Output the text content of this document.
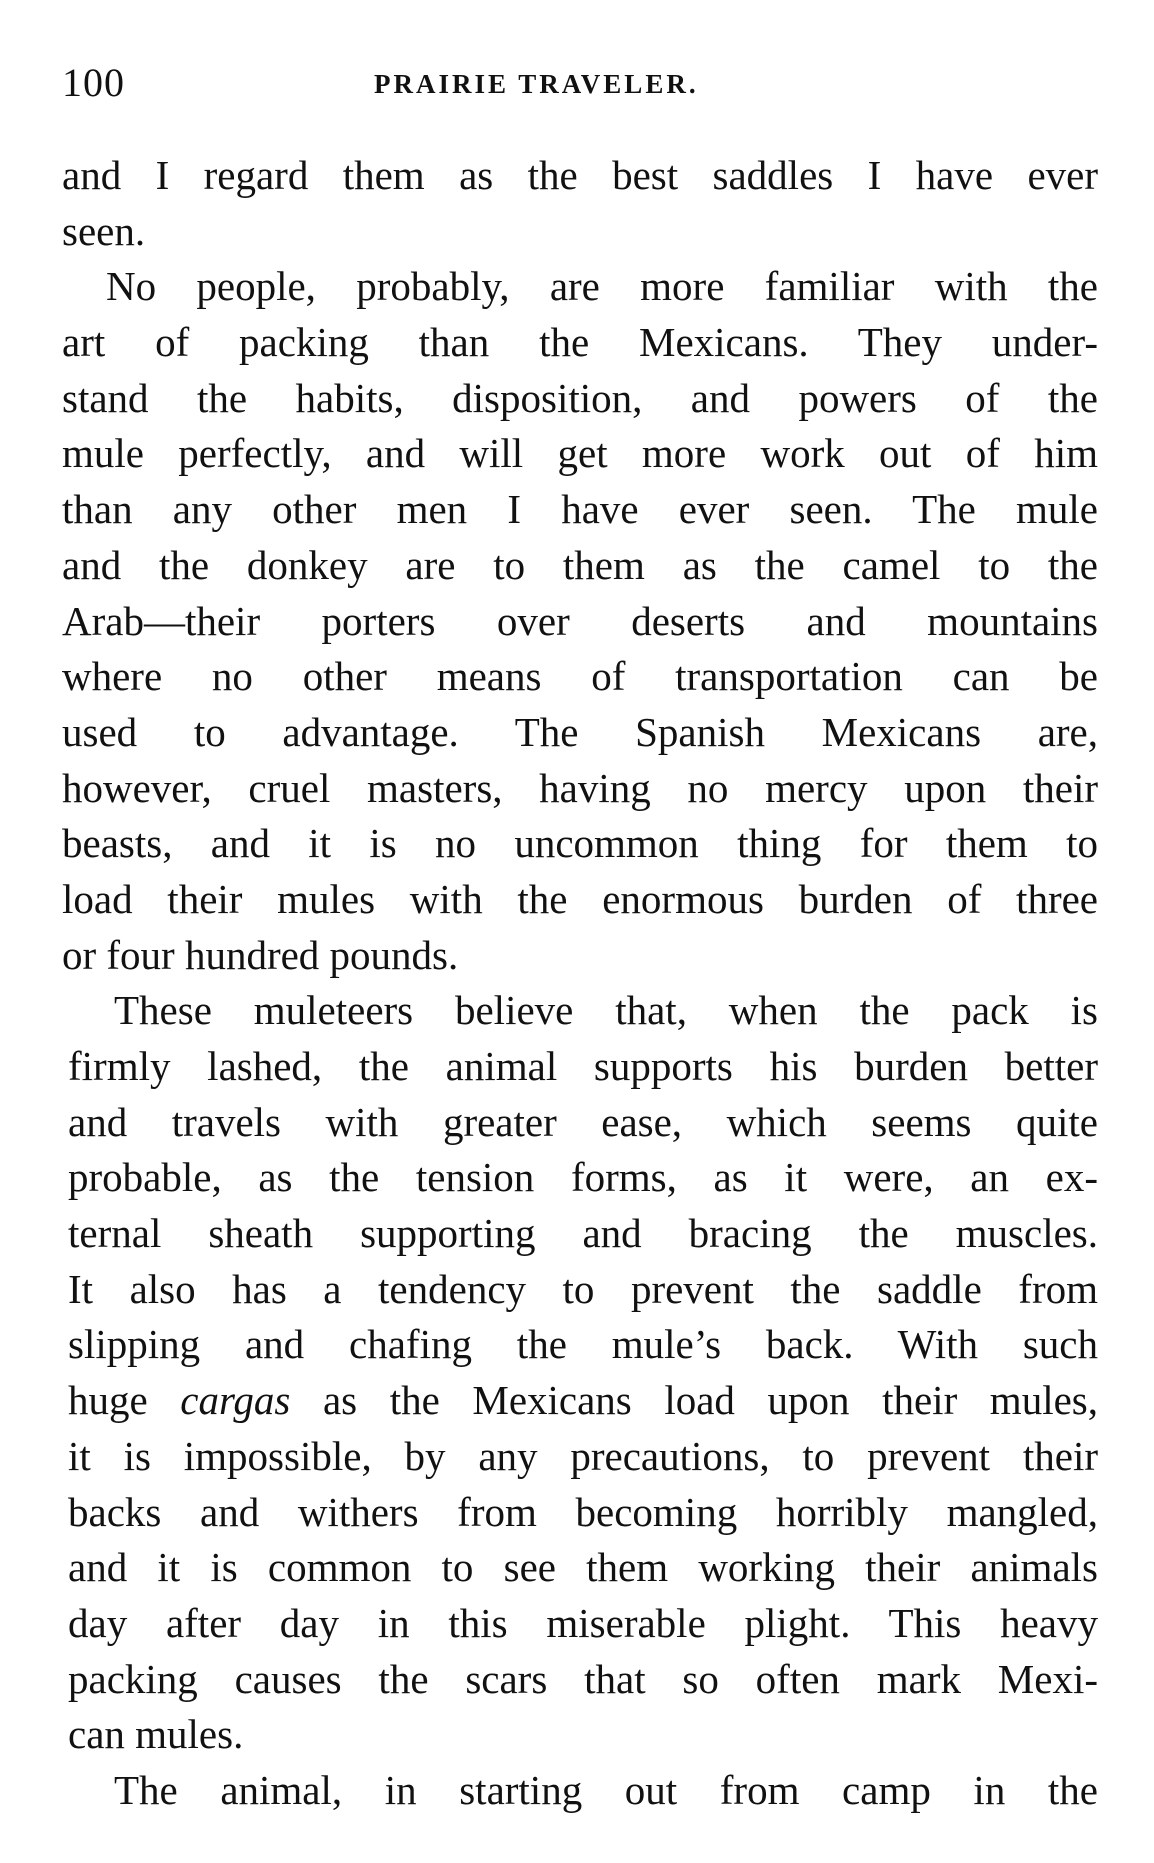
100	PRAIRIE TRAVELER.
and I regard them as the best saddles I have ever
seen.
No people, probably, are more familiar with the
art of packing than the Mexicans. They under-
stand the habits, disposition, and powers of the
mule perfectly, and will get more work out of him
than any other men I have ever seen. The mule
and the donkey are to them as the camel to the
Arab—their porters over deserts and mountains
where no other means of transportation can be
used to advantage. The Spanish Mexicans are,
however, cruel masters, having no mercy upon their
beasts, and it is no uncommon thing for them to
load their mules with the enormous burden of three
or four hundred pounds.
These muleteers believe that, when the pack is
firmly lashed, the animal supports his burden better
and travels with greater ease, which seems quite
probable, as the tension forms, as it were, an ex-
ternal sheath supporting and bracing the muscles.
It also has a tendency to prevent the saddle from
slipping and chafing the mule’s back. With such
huge cargas as the Mexicans load upon their mules,
it is impossible, by any precautions, to prevent their
backs and withers from becoming horribly mangled,
and it is common to see them working their animals
day after day in this miserable plight. This heavy
packing causes the scars that so often mark Mexi-
can mules.
The animal, in starting out from camp in the
